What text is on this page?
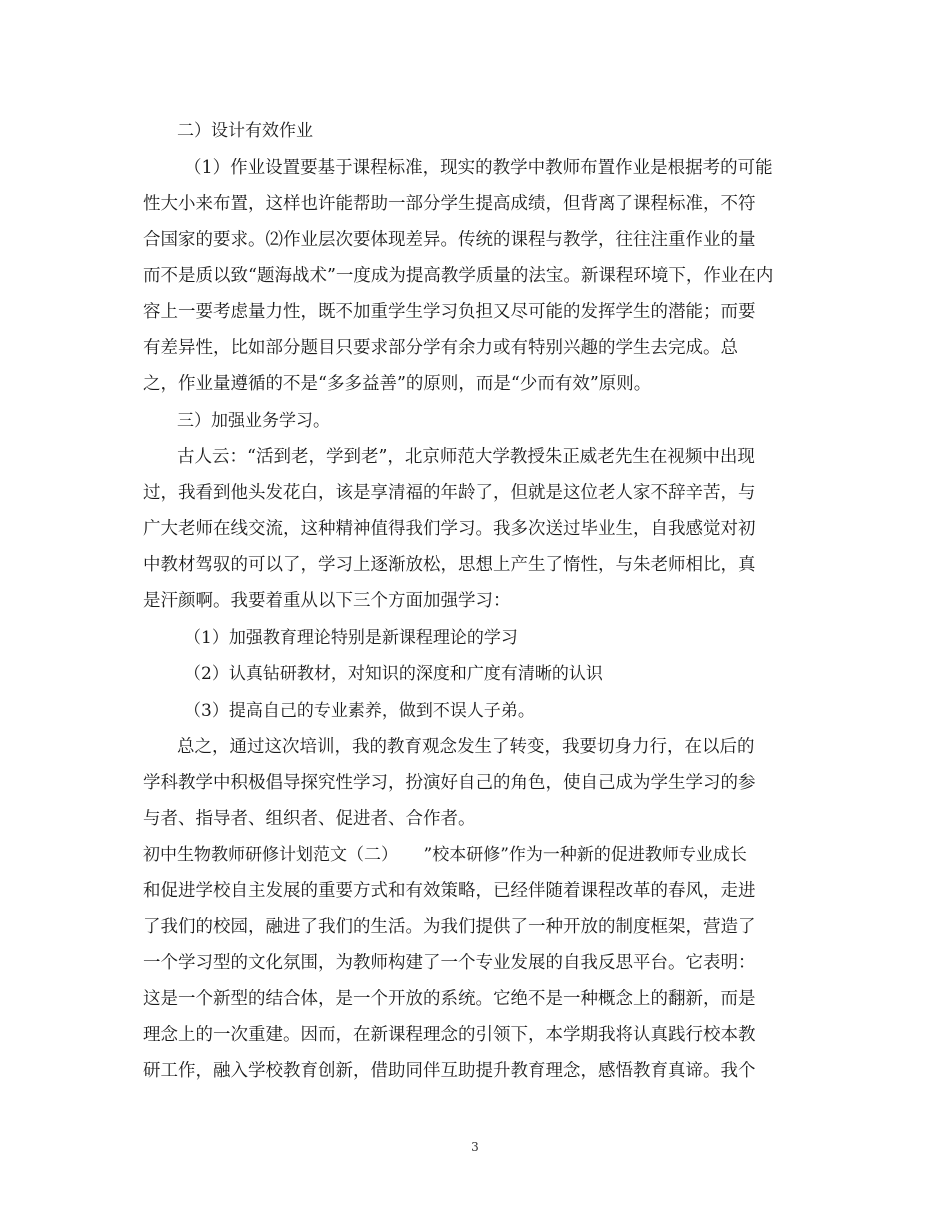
二）设计有效作业
（1）作业设置要基于课程标准，现实的教学中教师布置作业是根据考的可能
性大小来布置，这样也许能帮助一部分学生提高成绩，但背离了课程标准，不符
合国家的要求。⑵作业层次要体现差异。传统的课程与教学，往往注重作业的量
而不是质以致“题海战术”一度成为提高教学质量的法宝。新课程环境下，作业在内
容上一要考虑量力性，既不加重学生学习负担又尽可能的发挥学生的潜能；而要
有差异性，比如部分题目只要求部分学有余力或有特别兴趣的学生去完成。总
之，作业量遵循的不是“多多益善”的原则，而是“少而有效”原则。
三）加强业务学习。
古人云：“活到老，学到老”，北京师范大学教授朱正威老先生在视频中出现
过，我看到他头发花白，该是享清福的年龄了，但就是这位老人家不辞辛苦，与
广大老师在线交流，这种精神值得我们学习。我多次送过毕业生，自我感觉对初
中教材驾驭的可以了，学习上逐渐放松，思想上产生了惰性，与朱老师相比，真
是汗颜啊。我要着重从以下三个方面加强学习：
（1）加强教育理论特别是新课程理论的学习
（2）认真钻研教材，对知识的深度和广度有清晰的认识
（3）提高自己的专业素养，做到不误人子弟。
总之，通过这次培训，我的教育观念发生了转变，我要切身力行，在以后的
学科教学中积极倡导探究性学习，扮演好自己的角色，使自己成为学生学习的参
与者、指导者、组织者、促进者、合作者。
初中生物教师研修计划范文（二）　　”校本研修”作为一种新的促进教师专业成长
和促进学校自主发展的重要方式和有效策略，已经伴随着课程改革的春风，走进
了我们的校园，融进了我们的生活。为我们提供了一种开放的制度框架，营造了
一个学习型的文化氛围，为教师构建了一个专业发展的自我反思平台。它表明：
这是一个新型的结合体，是一个开放的系统。它绝不是一种概念上的翻新，而是
理念上的一次重建。因而，在新课程理念的引领下，本学期我将认真践行校本教
研工作，融入学校教育创新，借助同伴互助提升教育理念，感悟教育真谛。我个
3
